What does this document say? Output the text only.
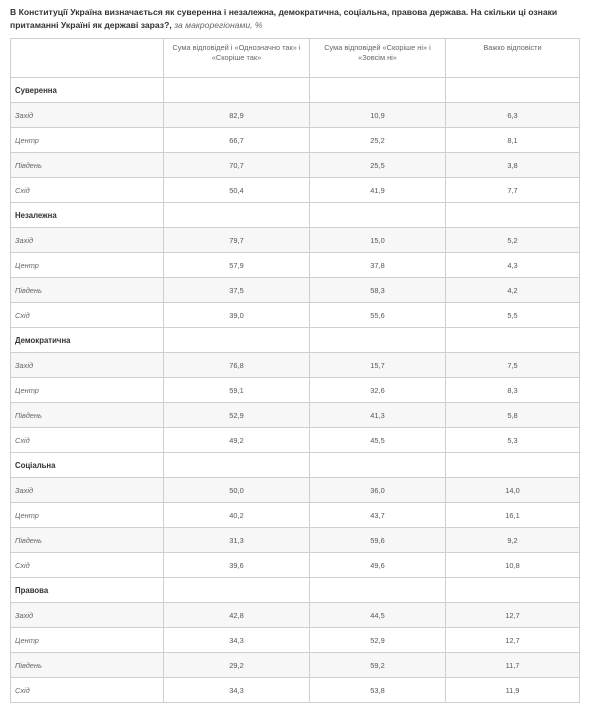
В Конституції Україна визначається як суверенна і незалежна, демократична, соціальна, правова держава. На скільки ці ознаки притаманні Україні як державі зараз?, за макрорегіонами, %

	Сума відповідей і «Однозначно так» і «Скоріше так»	Сума відповідей «Скоріше ні» і «Зовсім ні»	Важко відповісти
Суверенна			
Захід	82,9	10,9	6,3
Центр	66,7	25,2	8,1
Південь	70,7	25,5	3,8
Схід	50,4	41,9	7,7
Незалежна			
Захід	79,7	15,0	5,2
Центр	57,9	37,8	4,3
Південь	37,5	58,3	4,2
Схід	39,0	55,6	5,5
Демократична			
Захід	76,8	15,7	7,5
Центр	59,1	32,6	8,3
Південь	52,9	41,3	5,8
Схід	49,2	45,5	5,3
Соціальна			
Захід	50,0	36,0	14,0
Центр	40,2	43,7	16,1
Південь	31,3	59,6	9,2
Схід	39,6	49,6	10,8
Правова			
Захід	42,8	44,5	12,7
Центр	34,3	52,9	12,7
Південь	29,2	59,2	11,7
Схід	34,3	53,8	11,9
